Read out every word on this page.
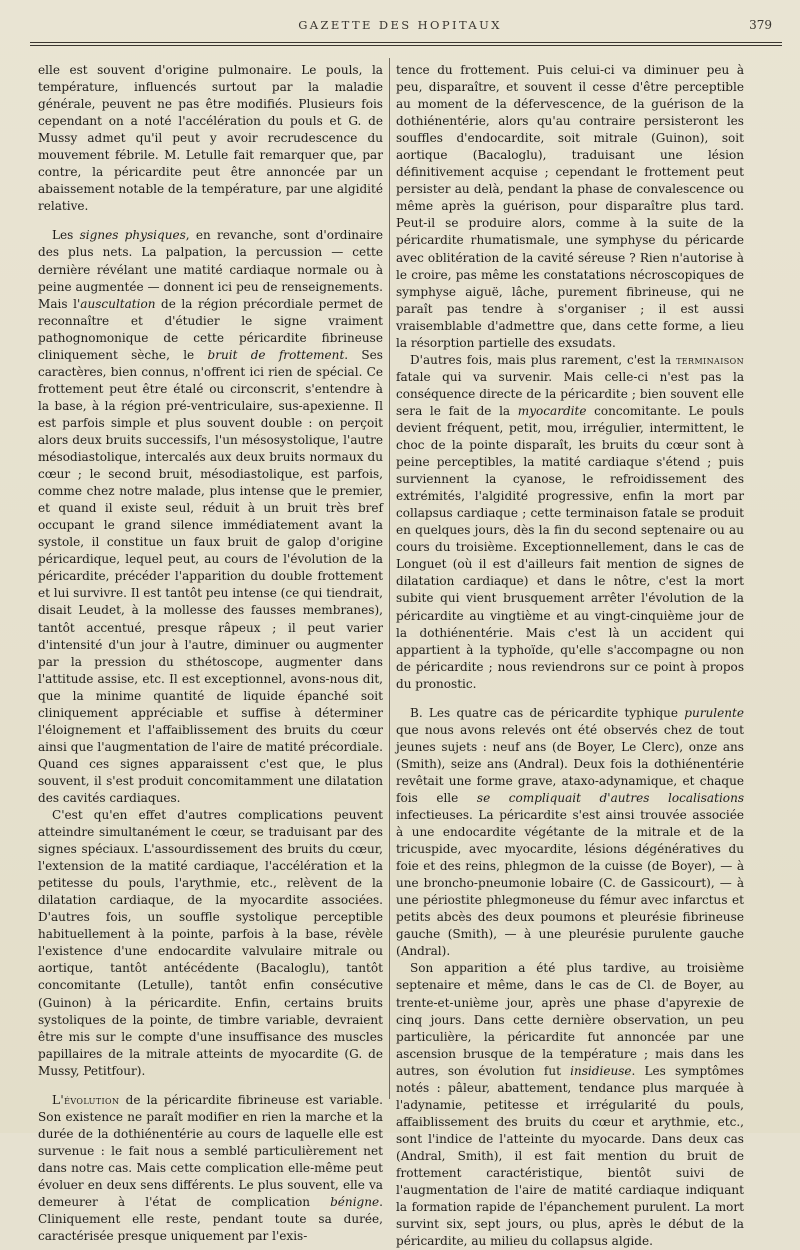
GAZETTE DES HOPITAUX	379

elle est souvent d'origine pulmonaire. Le pouls, la température, influencés surtout par la maladie générale, peuvent ne pas être modifiés. Plusieurs fois cependant on a noté l'accélération du pouls et G. de Mussy admet qu'il peut y avoir recrudescence du mouvement fébrile. M. Letulle fait remarquer que, par contre, la péricardite peut être annoncée par un abaissement notable de la température, par une algidité relative.

Les signes physiques, en revanche, sont d'ordinaire des plus nets. La palpation, la percussion — cette dernière révélant une matité cardiaque normale ou à peine augmentée — donnent ici peu de renseignements. Mais l'auscultation de la région précordiale permet de reconnaître et d'étudier le signe vraiment pathognomonique de cette péricardite fibrineuse cliniquement sèche, le bruit de frottement. Ses caractères, bien connus, n'offrent ici rien de spécial. Ce frottement peut être étalé ou circonscrit, s'entendre à la base, à la région pré-ventriculaire, sus-apexienne. Il est parfois simple et plus souvent double : on perçoit alors deux bruits successifs, l'un mésosystolique, l'autre mésodiastolique, intercalés aux deux bruits normaux du cœur ; le second bruit, mésodiastolique, est parfois, comme chez notre malade, plus intense que le premier, et quand il existe seul, réduit à un bruit très bref occupant le grand silence immédiatement avant la systole, il constitue un faux bruit de galop d'origine péricardique, lequel peut, au cours de l'évolution de la péricardite, précéder l'apparition du double frottement et lui survivre. Il est tantôt peu intense (ce qui tiendrait, disait Leudet, à la mollesse des fausses membranes), tantôt accentué, presque râpeux ; il peut varier d'intensité d'un jour à l'autre, diminuer ou augmenter par la pression du sthétoscope, augmenter dans l'attitude assise, etc. Il est exceptionnel, avons-nous dit, que la minime quantité de liquide épanché soit cliniquement appréciable et suffise à déterminer l'éloignement et l'affaiblissement des bruits du cœur ainsi que l'augmentation de l'aire de matité précordiale. Quand ces signes apparaissent c'est que, le plus souvent, il s'est produit concomitamment une dilatation des cavités cardiaques.

C'est qu'en effet d'autres complications peuvent atteindre simultanément le cœur, se traduisant par des signes spéciaux. L'assourdissement des bruits du cœur, l'extension de la matité cardiaque, l'accélération et la petitesse du pouls, l'arythmie, etc., relèvent de la dilatation cardiaque, de la myocardite associées. D'autres fois, un souffle systolique perceptible habituellement à la pointe, parfois à la base, révèle l'existence d'une endocardite valvulaire mitrale ou aortique, tantôt antécédente (Bacaloglu), tantôt concomitante (Letulle), tantôt enfin consécutive (Guinon) à la péricardite. Enfin, certains bruits systoliques de la pointe, de timbre variable, devraient être mis sur le compte d'une insuffisance des muscles papillaires de la mitrale atteints de myocardite (G. de Mussy, Petitfour).

L'évolution de la péricardite fibrineuse est variable. Son existence ne paraît modifier en rien la marche et la durée de la dothiénentérie au cours de laquelle elle est survenue : le fait nous a semblé particulièrement net dans notre cas. Mais cette complication elle-même peut évoluer en deux sens différents. Le plus souvent, elle va demeurer à l'état de complication bénigne. Cliniquement elle reste, pendant toute sa durée, caractérisée presque uniquement par l'exis-

tence du frottement. Puis celui-ci va diminuer peu à peu, disparaître, et souvent il cesse d'être perceptible au moment de la défervescence, de la guérison de la dothiénentérie, alors qu'au contraire persisteront les souffles d'endocardite, soit mitrale (Guinon), soit aortique (Bacaloglu), traduisant une lésion définitivement acquise ; cependant le frottement peut persister au delà, pendant la phase de convalescence ou même après la guérison, pour disparaître plus tard. Peut-il se produire alors, comme à la suite de la péricardite rhumatismale, une symphyse du péricarde avec oblitération de la cavité séreuse ? Rien n'autorise à le croire, pas même les constatations nécroscopiques de symphyse aiguë, lâche, purement fibrineuse, qui ne paraît pas tendre à s'organiser ; il est aussi vraisemblable d'admettre que, dans cette forme, a lieu la résorption partielle des exsudats.

D'autres fois, mais plus rarement, c'est la terminaison fatale qui va survenir. Mais celle-ci n'est pas la conséquence directe de la péricardite ; bien souvent elle sera le fait de la myocardite concomitante. Le pouls devient fréquent, petit, mou, irrégulier, intermittent, le choc de la pointe disparaît, les bruits du cœur sont à peine perceptibles, la matité cardiaque s'étend ; puis surviennent la cyanose, le refroidissement des extrémités, l'algidité progressive, enfin la mort par collapsus cardiaque ; cette terminaison fatale se produit en quelques jours, dès la fin du second septenaire ou au cours du troisième. Exceptionnellement, dans le cas de Longuet (où il est d'ailleurs fait mention de signes de dilatation cardiaque) et dans le nôtre, c'est la mort subite qui vient brusquement arrêter l'évolution de la péricardite au vingtième et au vingt-cinquième jour de la dothiénentérie. Mais c'est là un accident qui appartient à la typhoïde, qu'elle s'accompagne ou non de péricardite ; nous reviendrons sur ce point à propos du pronostic.

B. Les quatre cas de péricardite typhique purulente que nous avons relevés ont été observés chez de tout jeunes sujets : neuf ans (de Boyer, Le Clerc), onze ans (Smith), seize ans (Andral). Deux fois la dothiénentérie revêtait une forme grave, ataxo-adynamique, et chaque fois elle se compliquait d'autres localisations infectieuses. La péricardite s'est ainsi trouvée associée à une endocardite végétante de la mitrale et de la tricuspide, avec myocardite, lésions dégénératives du foie et des reins, phlegmon de la cuisse (de Boyer), — à une broncho-pneumonie lobaire (C. de Gassicourt), — à une périostite phlegmoneuse du fémur avec infarctus et petits abcès des deux poumons et pleurésie fibrineuse gauche (Smith), — à une pleurésie purulente gauche (Andral).

Son apparition a été plus tardive, au troisième septenaire et même, dans le cas de Cl. de Boyer, au trente-et-unième jour, après une phase d'apyrexie de cinq jours. Dans cette dernière observation, un peu particulière, la péricardite fut annoncée par une ascension brusque de la température ; mais dans les autres, son évolution fut insidieuse. Les symptômes notés : pâleur, abattement, tendance plus marquée à l'adynamie, petitesse et irrégularité du pouls, affaiblissement des bruits du cœur et arythmie, etc., sont l'indice de l'atteinte du myocarde. Dans deux cas (Andral, Smith), il est fait mention du bruit de frottement caractéristique, bientôt suivi de l'augmentation de l'aire de matité cardiaque indiquant la formation rapide de l'épanchement purulent. La mort survint six, sept jours, ou plus, après le début de la péricardite, au milieu du collapsus algide.
